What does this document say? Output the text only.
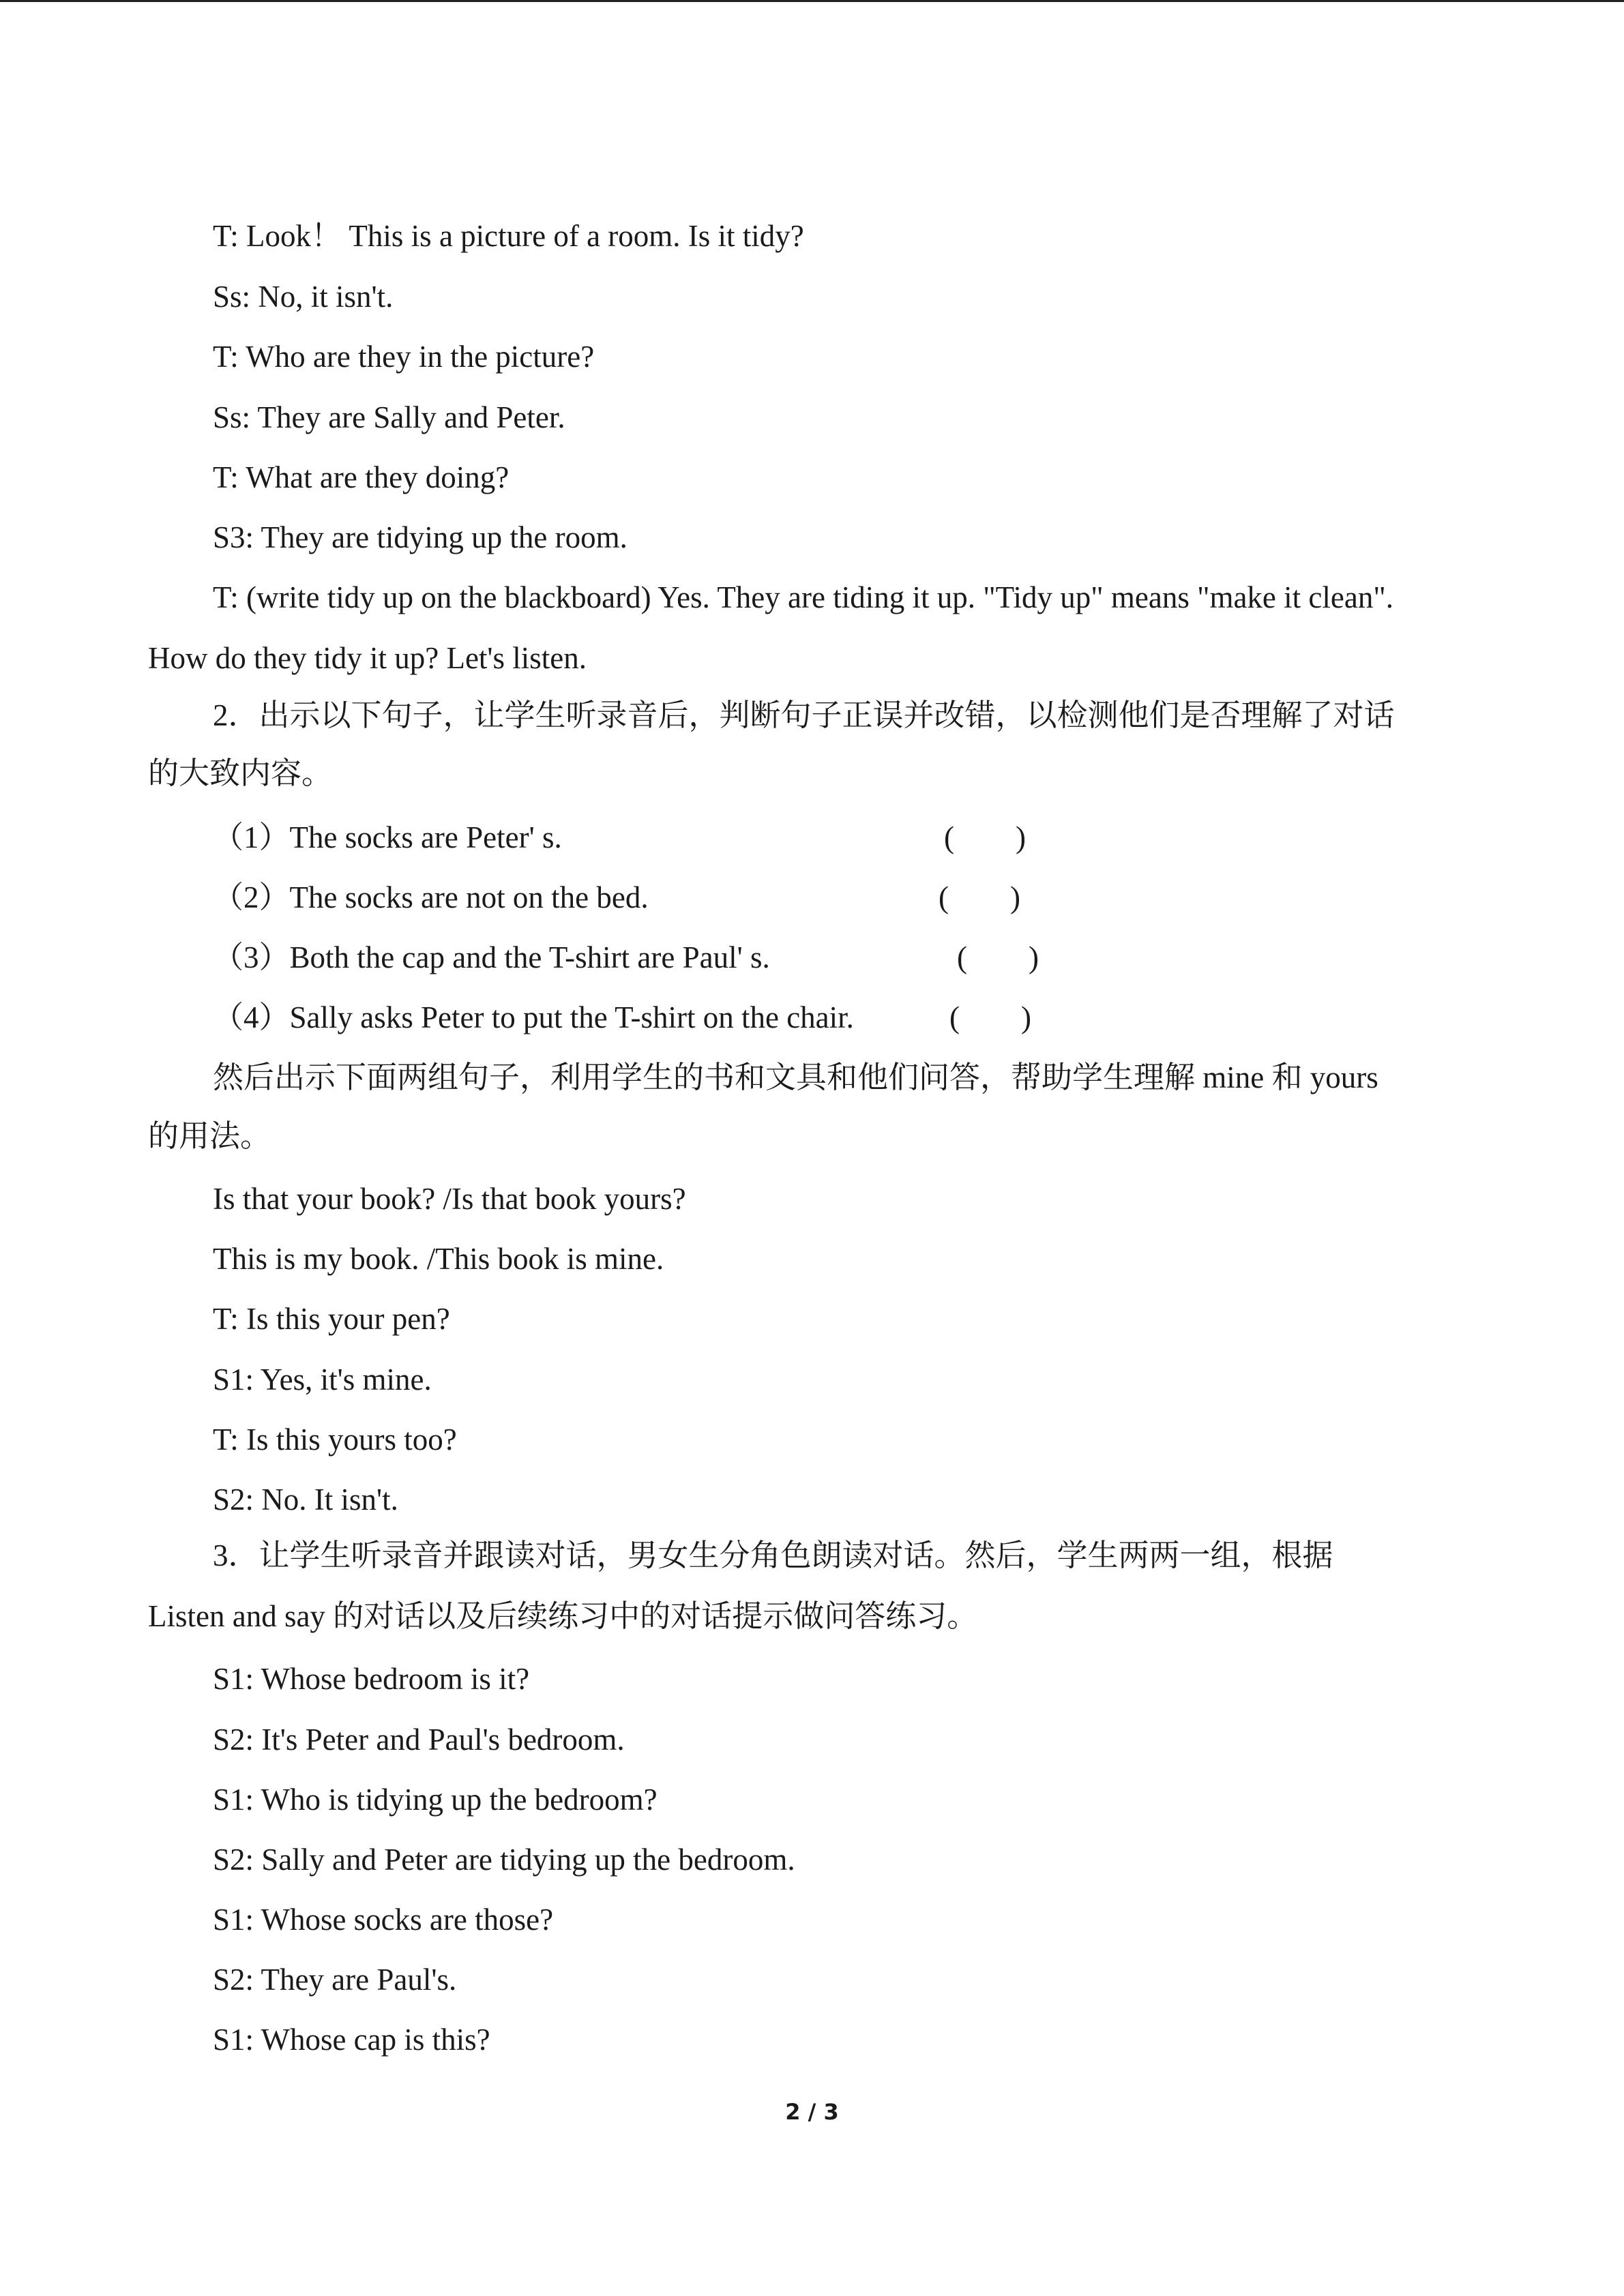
T: Look！ This is a picture of a room. Is it tidy?
Ss: No, it isn't.
T: Who are they in the picture?
Ss: They are Sally and Peter.
T: What are they doing?
S3: They are tidying up the room.
T: (write tidy up on the blackboard) Yes. They are tiding it up. "Tidy up" means "make it clean".
How do they tidy it up? Let's listen.
2．出示以下句子，让学生听录音后，判断句子正误并改错，以检测他们是否理解了对话
的大致内容。
（1）The socks are Peter' s.	(　　)
（2）The socks are not on the bed.	(　　)
（3）Both the cap and the T-shirt are Paul' s.	(　　)
（4）Sally asks Peter to put the T-shirt on the chair.	(　　)
然后出示下面两组句子，利用学生的书和文具和他们问答，帮助学生理解 mine 和 yours
的用法。
Is that your book? /Is that book yours?
This is my book. /This book is mine.
T: Is this your pen?
S1: Yes, it's mine.
T: Is this yours too?
S2: No. It isn't.
3．让学生听录音并跟读对话，男女生分角色朗读对话。然后，学生两两一组，根据
Listen and say 的对话以及后续练习中的对话提示做问答练习。
S1: Whose bedroom is it?
S2: It's Peter and Paul's bedroom.
S1: Who is tidying up the bedroom?
S2: Sally and Peter are tidying up the bedroom.
S1: Whose socks are those?
S2: They are Paul's.
S1: Whose cap is this?
2 / 3
